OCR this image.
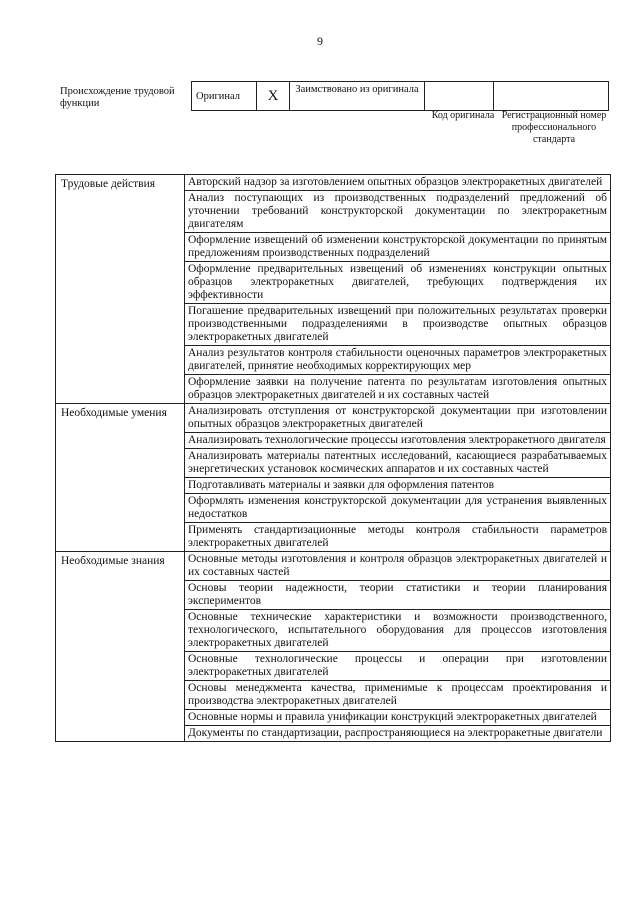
9
Происхождение трудовой функции
Оригинал	X	Заимствовано из оригинала		
Код оригинала Регистрационный номер профессионального стандарта
Трудовые действия	Авторский надзор за изготовлением опытных образцов электроракетных двигателей
	Анализ поступающих из производственных подразделений предложений об уточнении требований конструкторской документации по электроракетным двигателям
	Оформление извещений об изменении конструкторской документации по принятым предложениям производственных подразделений
	Оформление предварительных извещений об изменениях конструкции опытных образцов электроракетных двигателей, требующих подтверждения их эффективности
	Погашение предварительных извещений при положительных результатах проверки производственными подразделениями в производстве опытных образцов электроракетных двигателей
	Анализ результатов контроля стабильности оценочных параметров электроракетных двигателей, принятие необходимых корректирующих мер
	Оформление заявки на получение патента по результатам изготовления опытных образцов электроракетных двигателей и их составных частей
Необходимые умения	Анализировать отступления от конструкторской документации при изготовлении опытных образцов электроракетных двигателей
	Анализировать технологические процессы изготовления электроракетного двигателя
	Анализировать материалы патентных исследований, касающиеся разрабатываемых энергетических установок космических аппаратов и их составных частей
	Подготавливать материалы и заявки для оформления патентов
	Оформлять изменения конструкторской документации для устранения выявленных недостатков
	Применять стандартизационные методы контроля стабильности параметров электроракетных двигателей
Необходимые знания	Основные методы изготовления и контроля образцов электроракетных двигателей и их составных частей
	Основы теории надежности, теории статистики и теории планирования экспериментов
	Основные технические характеристики и возможности производственного, технологического, испытательного оборудования для процессов изготовления электроракетных двигателей
	Основные технологические процессы и операции при изготовлении электроракетных двигателей
	Основы менеджмента качества, применимые к процессам проектирования и производства электроракетных двигателей
	Основные нормы и правила унификации конструкций электроракетных двигателей
	Документы по стандартизации, распространяющиеся на электроракетные двигатели
